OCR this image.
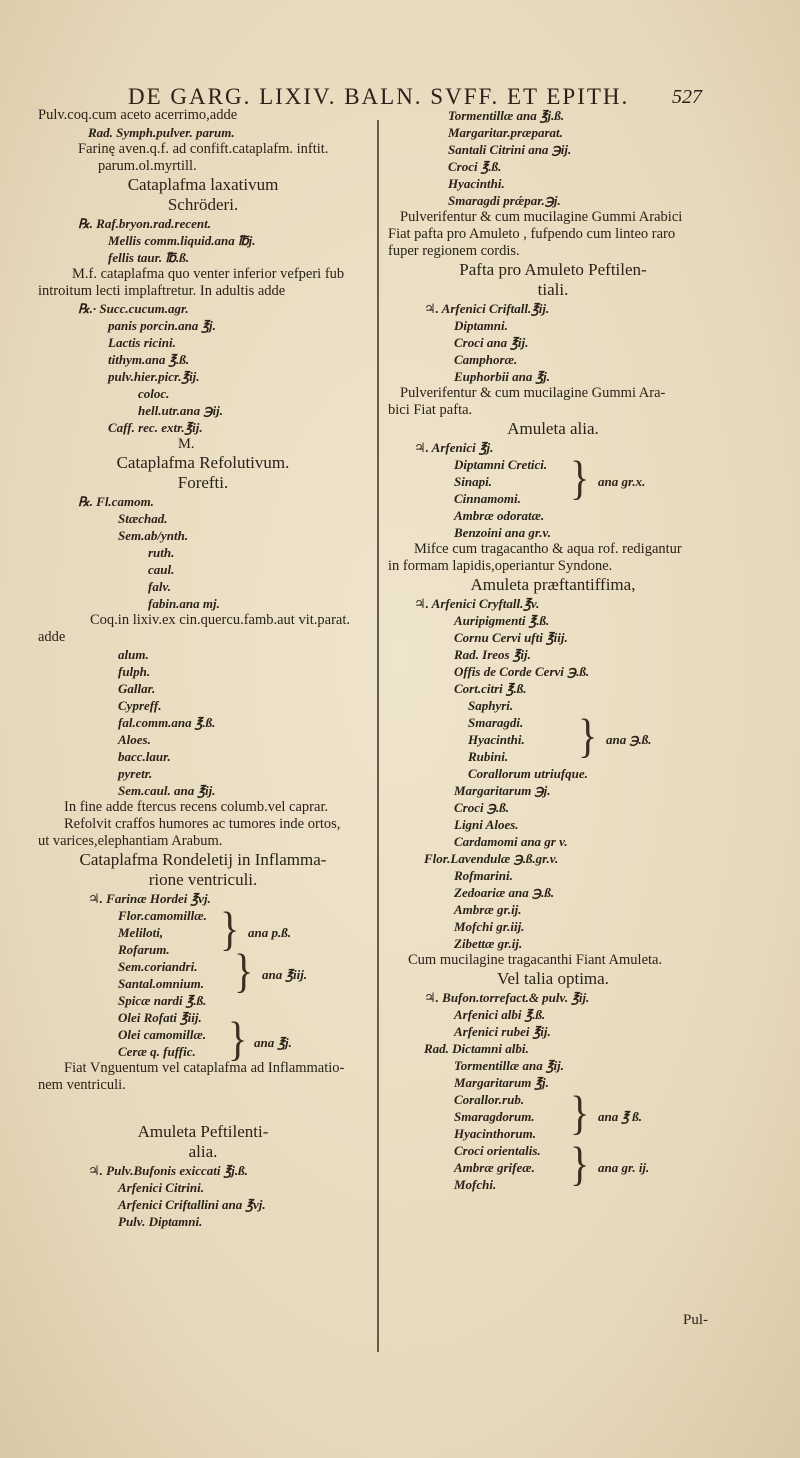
DE GARG. LIXIV. BALN. SVFF. ET EPITH.	527
Pulv.coq.cum aceto acerrimo,adde
Rad. Symph.pulver. parum.
Farinę aven.q.f. ad confift.cataplafm. inftit.
parum.ol.myrtill.
Cataplafma laxativum
Schröderi.
℞. Raf.bryon.rad.recent.
Mellis comm.liquid.ana ℔j.
fellis taur. ℔.ß.
M.f. cataplafma quo venter inferior vefperi fub
introitum lecti implaftretur. In adultis adde
℞.· Succ.cucum.agr.
panis porcin.ana ℥j.
Lactis ricini.
tithym.ana ℥.ß.
pulv.hier.picr.℥ij.
coloc.
hell.utr.ana ℈ij.
Caff. rec. extr.℥ij.
M.
Cataplafma Refolutivum.
Forefti.
℞. Fl.camom.
Stæchad.
Sem.ab/ynth.
ruth.
caul.
falv.
fabin.ana mj.
Coq.in lixiv.ex cin.quercu.famb.aut vit.parat.
adde
alum.
fulph.
Gallar.
Cypreff.
fal.comm.ana ℥.ß.
Aloes.
bacc.laur.
pyretr.
Sem.caul. ana ℥ij.
In fine adde ftercus recens columb.vel caprar.
Refolvit craffos humores ac tumores inde ortos,
ut varices,elephantiam Arabum.
Cataplafma Rondeletij in Inflamma-
rione ventriculi.
♃. Farinæ Hordei ℥vj.
Flor.camomillæ.
Meliloti,
Rofarum.	} ana p.ß.
Sem.coriandri.
Santal.omnium. } ana ℥iij.
Spicæ nardi ℥.ß.
Olei Rofati ℥iij.
Olei camomillæ.
Ceræ q. fuffic. } ana ℥j.
Fiat Vnguentum vel cataplafma ad Inflammatio-
nem ventriculi.
Amuleta Peftilenti-
alia.
♃. Pulv.Bufonis exiccati ℥j.ß.
Arfenici Citrini.
Arfenici Criftallini ana ℥vj.
Pulv. Diptamni.
Tormentillæ ana ℥j.ß.
Margaritar.præparat.
Santali Citrini ana ℈ij.
Croci ℥.ß.
Hyacinthi.
Smaragdi prǽpar.℈j.
Pulverifentur & cum mucilagine Gummi Arabici
Fiat pafta pro Amuleto , fufpendo cum linteo raro
fuper regionem cordis.
Pafta pro Amuleto Peftilen-
tiali.
♃. Arfenici Criftall.℥ij.
Diptamni.
Croci ana ℥ij.
Camphoræ.
Euphorbii ana ℥j.
Pulverifentur & cum mucilagine Gummi Ara-
bici Fiat pafta.
Amuleta alia.
♃. Arfenici ℥j.
Diptamni Cretici.
Sinapi.
Cinnamomi.	} ana gr.x.
Ambræ odoratæ.
Benzoini ana gr.v.
Mifce cum tragacantho & aqua rof. redigantur
in formam lapidis,operiantur Syndone.
Amuleta præftantiffima,
♃. Arfenici Cryftall.℥v.
Auripigmenti ℥.ß.
Cornu Cervi ufti ℥iij.
Rad. Ireos ℥ij.
Offis de Corde Cervi ℈.ß.
Cort.citri ℥.ß.
Saphyri.
Smaragdi.
Hyacinthi.
Rubini.
Corallorum utriufque.
} ana ℈.ß.
Margaritarum ℈j.
Croci ℈.ß.
Ligni Aloes.
Cardamomi ana gr v.
Flor.Lavendulæ ℈.ß.gr.v.
Rofmarini.
Zedoariæ ana ℈.ß.
Ambræ gr.ij.
Mofchi gr.iij.
Zibettæ gr.ij.
Cum mucilagine tragacanthi Fiant Amuleta.
Vel talia optima.
♃. Bufon.torrefact.& pulv. ℥ij.
Arfenici albi ℥.ß.
Arfenici rubei ℥ij.
Rad. Dictamni albi.
Tormentillæ ana ℥ij.
Margaritarum ℥j.
Corallor.rub.
Smaragdorum.
Hyacinthorum. } ana ℥ ß.
Croci orientalis.
Ambræ grifeæ.
Mofchi.	} ana gr. ij.
Pul-
